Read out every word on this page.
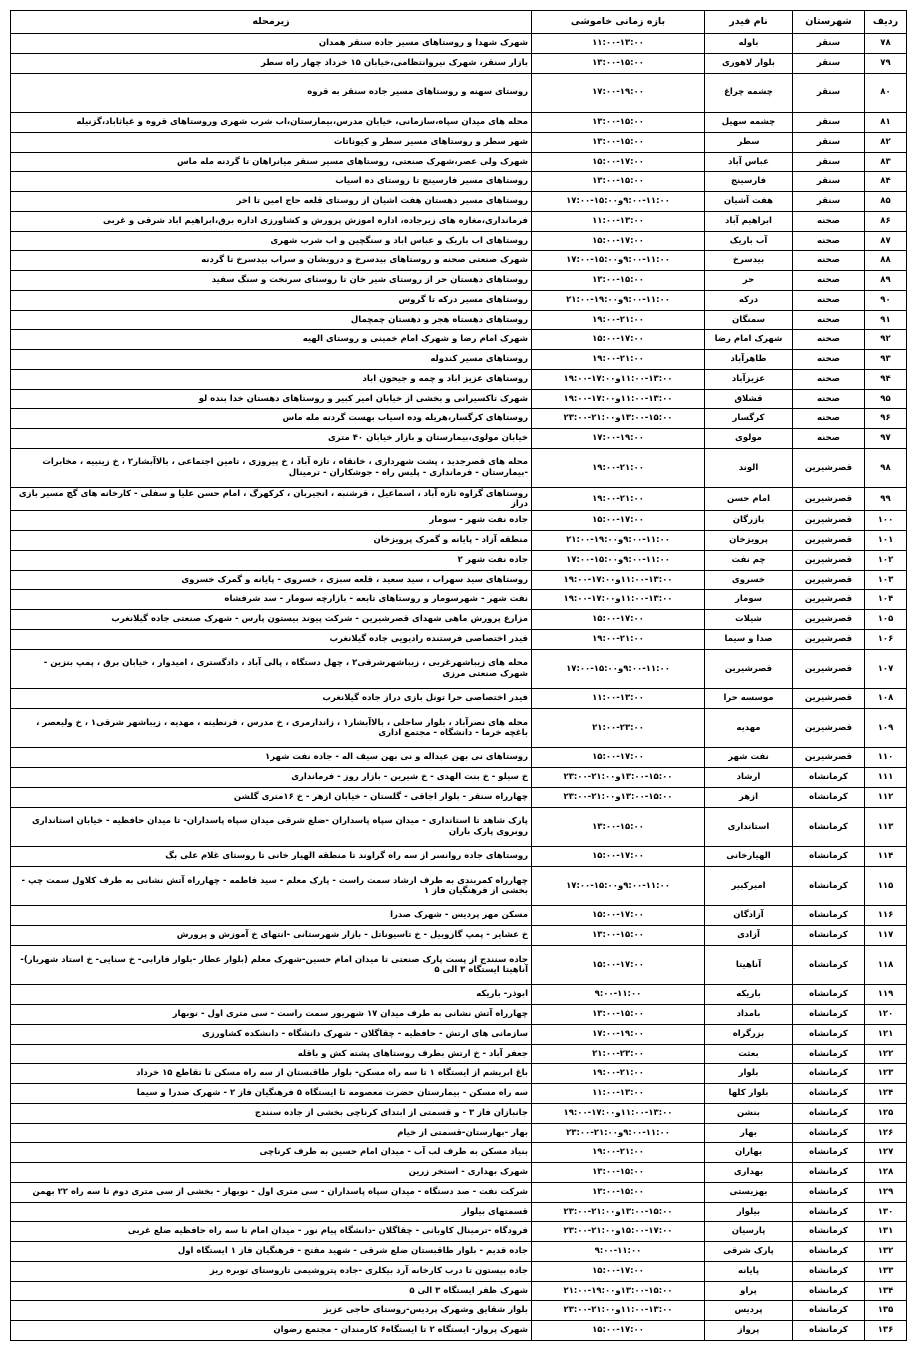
ردیف	شهرستان	نام فیدر	بازه زمانی خاموشی	زیرمحله
۷۸	سنقر	باوله	۱۱:۰۰-۱۳:۰۰	شهرک شهدا و روستاهای مسیر جاده سنقر همدان
۷۹	سنقر	بلوار لاهوری	۱۳:۰۰-۱۵:۰۰	بازار سنقر، شهرک نیروانتظامی،خیابان ۱۵ خرداد چهار راه سطر
۸۰	سنقر	چشمه چراغ	۱۷:۰۰-۱۹:۰۰	روستای سهنه و روستاهای مسیر جاده سنقر به قروه
۸۱	سنقر	چشمه سهیل	۱۳:۰۰-۱۵:۰۰	محله های میدان سپاه،سازمانی، خیابان مدرس،بیمارستان،اب شرب شهری وروستاهای قروه و غیاثاباد،گزنیله
۸۲	سنقر	سطر	۱۳:۰۰-۱۵:۰۰	شهر سطر و روستاهای مسیر سطر و کیوناتات
۸۳	سنقر	عباس آباد	۱۵:۰۰-۱۷:۰۰	شهرک ولی عصر،شهرک صنعتی، روستاهای مسیر سنقر میانراهان تا گردنه مله ماس
۸۴	سنقر	فارسینج	۱۳:۰۰-۱۵:۰۰	روستاهای مسیر فارسینج تا روستای ده اسیاب
۸۵	سنقر	هفت آشیان	۹:۰۰-۱۱:۰۰و۱۵:۰۰-۱۷:۰۰	روستاهای مسیر دهستان هفت اشیان از روستای قلعه حاج امین تا اخر
۸۶	صحنه	ابراهیم آباد	۱۱:۰۰-۱۳:۰۰	فرمانداری،مغازه های زیرجاده، اداره اموزش پرورش و کشاورزی اداره برق،ابراهیم اباد شرقی و غربی
۸۷	صحنه	آب باریک	۱۵:۰۰-۱۷:۰۰	روستاهای اب باریک و عباس اباد و سنگچین و اب شرب شهری
۸۸	صحنه	بیدسرخ	۹:۰۰-۱۱:۰۰و۱۵:۰۰-۱۷:۰۰	شهرک صنعتی صحنه و روستاهای بیدسرخ و درویشان و سراب بیدسرخ تا گردنه
۸۹	صحنه	حر	۱۳:۰۰-۱۵:۰۰	روستاهای دهستان حر از روستای شیر خان تا روستای سرنخت و سنگ سفید
۹۰	صحنه	درکه	۹:۰۰-۱۱:۰۰و۱۹:۰۰-۲۱:۰۰	روستاهای مسیر درکه تا گروس
۹۱	صحنه	سمنگان	۱۹:۰۰-۲۱:۰۰	روستاهای دهستاه هجر و دهستان چمچمال
۹۲	صحنه	شهرک امام رضا	۱۵:۰۰-۱۷:۰۰	شهرک امام رضا و شهرک امام خمینی و روستای الهیه
۹۳	صحنه	طاهرآباد	۱۹:۰۰-۲۱:۰۰	روستاهای مسیر کندوله
۹۴	صحنه	عزیزآباد	۱۱:۰۰-۱۳:۰۰و۱۷:۰۰-۱۹:۰۰	روستاهای عزیز اباد و چمه و جیحون اباد
۹۵	صحنه	قشلاق	۱۱:۰۰-۱۳:۰۰و۱۷:۰۰-۱۹:۰۰	شهرک تاکسیرانی و بخشی از خیابان امیر کبیر و روستاهای دهستان خدا بنده لو
۹۶	صحنه	کرگسار	۱۳:۰۰-۱۵:۰۰و۲۱:۰۰-۲۳:۰۰	روستاهای کرگسار،هریله وده اسیاب بهست گردنه مله ماس
۹۷	صحنه	مولوی	۱۷:۰۰-۱۹:۰۰	خیابان مولوی،بیمارستان و بازار خیابان ۴۰ متری
۹۸	قصرشیرین	الوند	۱۹:۰۰-۲۱:۰۰	محله های قصرجدید ، پشت شهرداری ، خانقاه ، تازه آباد ، خ پیروزی ، تامین اجتماعی ، بالاآبشار۲ ، خ زینبیه ، مخابرات -بیمارستان - فرمانداری - پلیس راه - جوشکاران - ترمینال
۹۹	قصرشیرین	امام حسن	۱۹:۰۰-۲۱:۰۰	روستاهای گراوه تازه آباد ، اسماعیل ، قرشنبه ، انجیربان ، کرکهرگ ، امام حسن علیا و سفلی - کارخانه های گچ مسیر بازی دراز
۱۰۰	قصرشیرین	بازرگان	۱۵:۰۰-۱۷:۰۰	جاده نفت شهر - سومار
۱۰۱	قصرشیرین	پرویزخان	۹:۰۰-۱۱:۰۰و۱۹:۰۰-۲۱:۰۰	منطقه آزاد - پایانه و گمرک پرویزخان
۱۰۲	قصرشیرین	چم نفت	۹:۰۰-۱۱:۰۰و۱۵:۰۰-۱۷:۰۰	جاده نفت شهر ۲
۱۰۳	قصرشیرین	خسروی	۱۱:۰۰-۱۳:۰۰و۱۷:۰۰-۱۹:۰۰	روستاهای سید سهراب ، سید سعید ، قلعه سبزی ، خسروی - پایانه و گمرک خسروی
۱۰۴	قصرشیرین	سومار	۱۱:۰۰-۱۳:۰۰و۱۷:۰۰-۱۹:۰۰	نفت شهر - شهرسومار و روستاهای تابعه - بازارچه سومار - سد شرفشاه
۱۰۵	قصرشیرین	شیلات	۱۵:۰۰-۱۷:۰۰	مزارع پرورش ماهی شهدای قصرشیرین - شرکت پیوند بیستون پارس - شهرک صنعتی جاده گیلانغرب
۱۰۶	قصرشیرین	صدا و سیما	۱۹:۰۰-۲۱:۰۰	فیدر اختصاصی فرستنده رادیویی جاده گیلانغرب
۱۰۷	قصرشیرین	قصرشیرین	۹:۰۰-۱۱:۰۰و۱۵:۰۰-۱۷:۰۰	محله های زیباشهرغربی ، زیباشهرشرقی۲ ، چهل دستگاه ، پالی آباد ، دادگستری ، امیدوار ، خیابان برق ، پمپ بنزین - شهرک صنعتی مرزی
۱۰۸	قصرشیرین	موسسه حرا	۱۱:۰۰-۱۳:۰۰	فیدر اختصاصی حرا تونل بازی دراز جاده گیلانغرب
۱۰۹	قصرشیرین	مهدیه	۲۱:۰۰-۲۳:۰۰	محله های نصرآباد ، بلوار ساحلی ، بالاآبشار۱ ، زاندارمری ، خ مدرس ، فرنطینه ، مهدیه ، زیباشهر شرقی۱ ، خ ولیعصر ، باغچه خرما - دانشگاه - مجتمع اداری
۱۱۰	قصرشیرین	نفت شهر	۱۵:۰۰-۱۷:۰۰	روستاهای نی بهن عبداله و نی بهن سیف اله - جاده نفت شهر۱
۱۱۱	کرمانشاه	ارشاد	۱۳:۰۰-۱۵:۰۰و۲۱:۰۰-۲۳:۰۰	خ سیلو - خ بنت الهدی - خ شیرین - بازار روز - فرمانداری
۱۱۲	کرمانشاه	ازهر	۱۳:۰۰-۱۵:۰۰و۲۱:۰۰-۲۳:۰۰	چهارراه سنقر - بلوار اجاقی - گلستان - خیابان ازهر - خ ۱۶متری گلشن
۱۱۳	کرمانشاه	استانداری	۱۳:۰۰-۱۵:۰۰	پارک شاهد تا استانداری - میدان سپاه پاسداران -ضلع شرقی میدان سپاه پاسداران- تا میدان حافظیه - خیابان استانداری روبروی پارک باران
۱۱۴	کرمانشاه	الهیارخانی	۱۵:۰۰-۱۷:۰۰	روستاهای جاده روانسر از سه راه گراوند تا منطقه الهیار خانی تا روستای غلام علی بگ
۱۱۵	کرمانشاه	امیرکبیر	۹:۰۰-۱۱:۰۰و۱۵:۰۰-۱۷:۰۰	چهارراه کمربندی به طرف ارشاد سمت راست - پارک معلم - سید فاطمه - چهارراه آتش نشانی به طرف کلاول سمت چپ - بخشی از فرهنگیان فاز ۱
۱۱۶	کرمانشاه	آزادگان	۱۵:۰۰-۱۷:۰۰	مسکن مهر پردیس - شهرک صدرا
۱۱۷	کرمانشاه	آزادی	۱۳:۰۰-۱۵:۰۰	خ عشایر - پمپ گازوییل - خ تاسیوناتل - بازار شهرستانی -انتهای خ آموزش و پرورش
۱۱۸	کرمانشاه	آناهیتا	۱۵:۰۰-۱۷:۰۰	جاده سنندج از پست پارک صنعتی تا میدان امام حسین-شهرک معلم (بلوار عطار -بلوار فارابی- خ سنایی- خ استاد شهریار)-آناهیتا ایستگاه ۳ الی ۵
۱۱۹	کرمانشاه	باریکه	۹:۰۰-۱۱:۰۰	ابوذر- باریکه
۱۲۰	کرمانشاه	بامداد	۱۳:۰۰-۱۵:۰۰	چهارراه آتش نشانی به طرف میدان ۱۷ شهریور سمت راست - سی متری اول - نوبهار
۱۲۱	کرمانشاه	بزرگراه	۱۷:۰۰-۱۹:۰۰	سازمانی های ارتش - حافظیه - چقاگلان - شهرک دانشگاه - دانشکده کشاورزی
۱۲۲	کرمانشاه	بعثت	۲۱:۰۰-۲۳:۰۰	جعفر آباد - خ ارتش بطرف روستاهای پشته کش و باقله
۱۲۳	کرمانشاه	بلوار	۱۹:۰۰-۲۱:۰۰	باغ ابریشم از ایستگاه ۱ تا سه راه مسکن- بلوار طاقبستان از سه راه مسکن تا تقاطع ۱۵ خرداد
۱۲۴	کرمانشاه	بلوار کلها	۱۱:۰۰-۱۳:۰۰	سه راه مسکن - بیمارستان حضرت معصومه تا ایستگاه ۵ فرهنگیان فاز ۲ - شهرک صدرا و سیما
۱۲۵	کرمانشاه	بنشن	۱۱:۰۰-۱۳:۰۰و۱۷:۰۰-۱۹:۰۰	جانبازان فاز ۳ - و قسمتی از ابتدای کرناچی بخشی از جاده سنندج
۱۲۶	کرمانشاه	بهار	۹:۰۰-۱۱:۰۰و۲۱:۰۰-۲۳:۰۰	بهار -بهارستان-قسمتی از خیام
۱۲۷	کرمانشاه	بهاران	۱۹:۰۰-۲۱:۰۰	بنیاد مسکن به طرف لب آب - میدان امام حسین به طرف کرناچی
۱۲۸	کرمانشاه	بهداری	۱۳:۰۰-۱۵:۰۰	شهرک بهداری - استخر زرین
۱۲۹	کرمانشاه	بهزیستی	۱۳:۰۰-۱۵:۰۰	شرکت نفت - صد دستگاه - میدان سپاه پاسداران - سی متری اول - نوبهار - بخشی از سی متری دوم تا سه راه ۲۲ بهمن
۱۳۰	کرمانشاه	بیلوار	۱۳:۰۰-۱۵:۰۰و۲۱:۰۰-۲۳:۰۰	قسمتهای بیلوار
۱۳۱	کرمانشاه	پارسیان	۱۵:۰۰-۱۷:۰۰و۲۱:۰۰-۲۳:۰۰	فرودگاه -ترمینال کاوبانی - چقاگلان -دانشگاه پیام نور - میدان امام تا سه راه حافظیه ضلع غربی
۱۳۲	کرمانشاه	پارک شرقی	۹:۰۰-۱۱:۰۰	جاده قدیم - بلوار طاقبستان ضلع شرقی - شهید مفتح - فرهنگیان فاز ۱ ایستگاه اول
۱۳۳	کرمانشاه	پایانه	۱۵:۰۰-۱۷:۰۰	جاده بیستون تا درب کارخانه آرد بیکلری -جاده پتروشیمی تاروستای توبره ریز
۱۳۴	کرمانشاه	پراو	۱۳:۰۰-۱۵:۰۰و۱۹:۰۰-۲۱:۰۰	شهرک ظفر ایستگاه ۳ الی ۵
۱۳۵	کرمانشاه	پردیس	۱۱:۰۰-۱۳:۰۰و۲۱:۰۰-۲۳:۰۰	بلوار شقایق وشهرک پردیس-روستای حاجی عزیز
۱۳۶	کرمانشاه	پرواز	۱۵:۰۰-۱۷:۰۰	شهرک پرواز- ایستگاه ۲ تا ایستگاه۶ کارمندان - مجتمع رضوان
